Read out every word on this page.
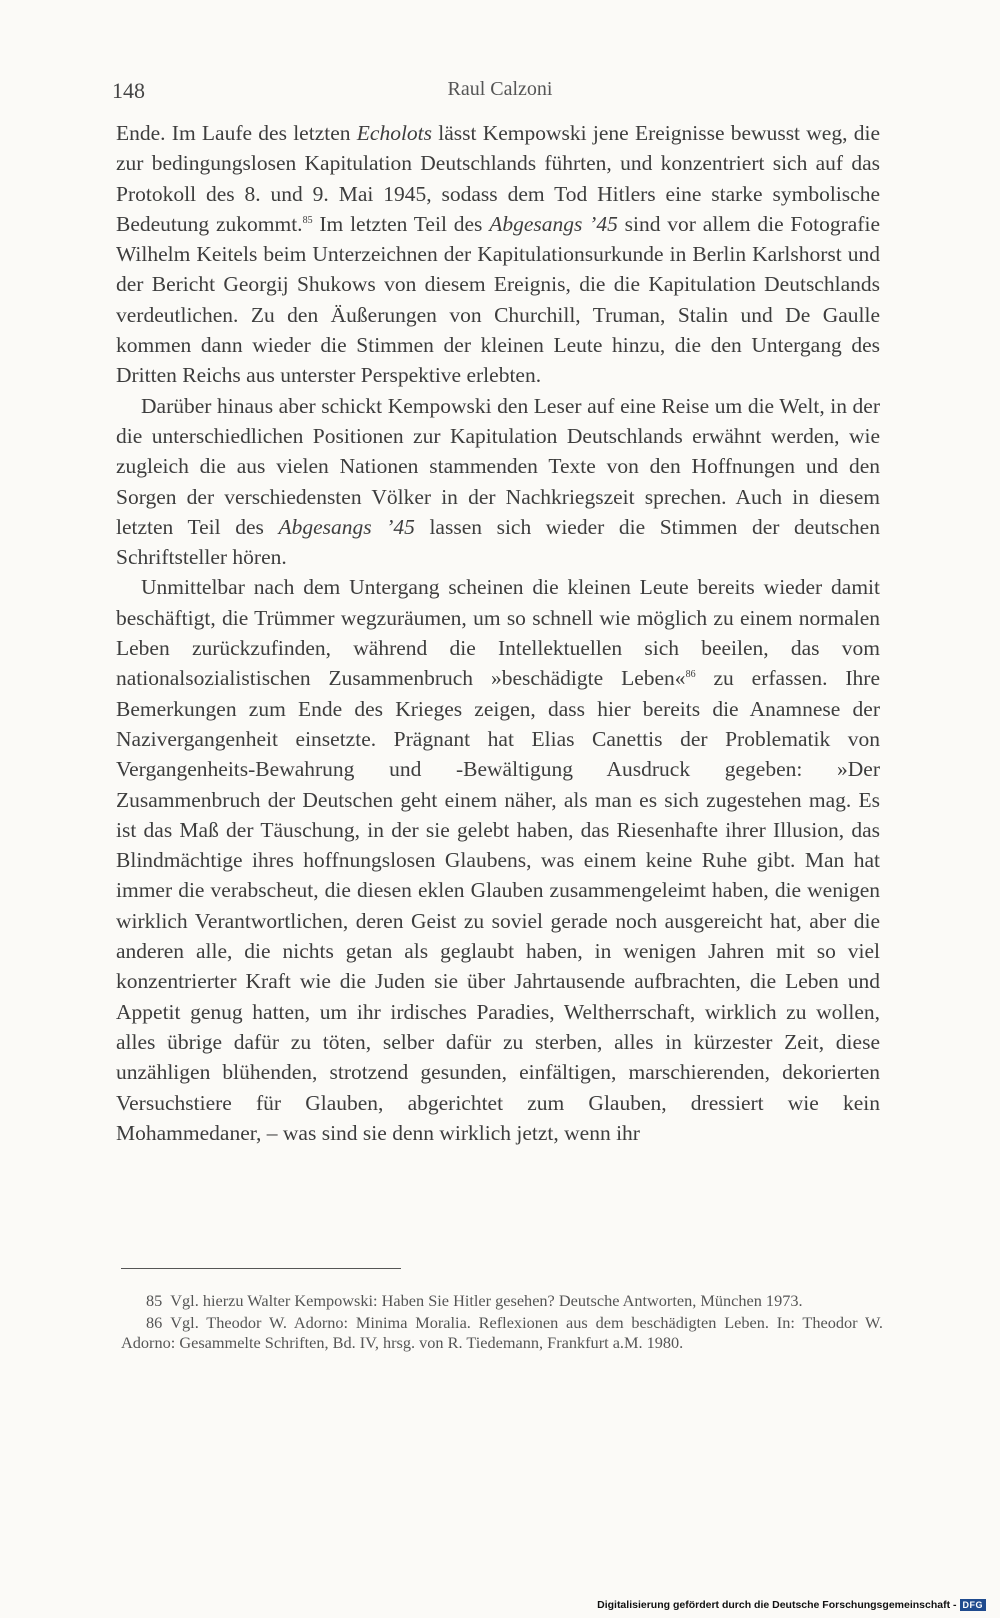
148	Raul Calzoni

Ende. Im Laufe des letzten Echolots lässt Kempowski jene Ereignisse bewusst weg, die zur bedingungslosen Kapitulation Deutschlands führten, und konzentriert sich auf das Protokoll des 8. und 9. Mai 1945, sodass dem Tod Hitlers eine starke symbolische Bedeutung zukommt.$^{85}$ Im letzten Teil des Abgesangs ’45 sind vor allem die Fotografie Wilhelm Keitels beim Unterzeichnen der Kapitulationsurkunde in Berlin Karlshorst und der Bericht Georgij Shukows von diesem Ereignis, die die Kapitulation Deutschlands verdeutlichen. Zu den Äußerungen von Churchill, Truman, Stalin und De Gaulle kommen dann wieder die Stimmen der kleinen Leute hinzu, die den Untergang des Dritten Reichs aus unterster Perspektive erlebten.

Darüber hinaus aber schickt Kempowski den Leser auf eine Reise um die Welt, in der die unterschiedlichen Positionen zur Kapitulation Deutschlands erwähnt werden, wie zugleich die aus vielen Nationen stammenden Texte von den Hoffnungen und den Sorgen der verschiedensten Völker in der Nachkriegszeit sprechen. Auch in diesem letzten Teil des Abgesangs ’45 lassen sich wieder die Stimmen der deutschen Schriftsteller hören.

Unmittelbar nach dem Untergang scheinen die kleinen Leute bereits wieder damit beschäftigt, die Trümmer wegzuräumen, um so schnell wie möglich zu einem normalen Leben zurückzufinden, während die Intellektuellen sich beeilen, das vom nationalsozialistischen Zusammenbruch »beschädigte Leben«$^{86}$ zu erfassen. Ihre Bemerkungen zum Ende des Krieges zeigen, dass hier bereits die Anamnese der Nazivergangenheit einsetzte. Prägnant hat Elias Canettis der Problematik von Vergangenheits-Bewahrung und -Bewältigung Ausdruck gegeben: »Der Zusammenbruch der Deutschen geht einem näher, als man es sich zugestehen mag. Es ist das Maß der Täuschung, in der sie gelebt haben, das Riesenhafte ihrer Illusion, das Blindmächtige ihres hoffnungslosen Glaubens, was einem keine Ruhe gibt. Man hat immer die verabscheut, die diesen eklen Glauben zusammengeleimt haben, die wenigen wirklich Verantwortlichen, deren Geist zu soviel gerade noch ausgereicht hat, aber die anderen alle, die nichts getan als geglaubt haben, in wenigen Jahren mit so viel konzentrierter Kraft wie die Juden sie über Jahrtausende aufbrachten, die Leben und Appetit genug hatten, um ihr irdisches Paradies, Weltherrschaft, wirklich zu wollen, alles übrige dafür zu töten, selber dafür zu sterben, alles in kürzester Zeit, diese unzähligen blühenden, strotzend gesunden, einfältigen, marschierenden, dekorierten Versuchstiere für Glauben, abgerichtet zum Glauben, dressiert wie kein Mohammedaner, – was sind sie denn wirklich jetzt, wenn ihr

85 Vgl. hierzu Walter Kempowski: Haben Sie Hitler gesehen? Deutsche Antworten, München 1973.

86 Vgl. Theodor W. Adorno: Minima Moralia. Reflexionen aus dem beschädigten Leben. In: Theodor W. Adorno: Gesammelte Schriften, Bd. IV, hrsg. von R. Tiedemann, Frankfurt a.M. 1980.

Digitalisierung gefördert durch die Deutsche Forschungsgemeinschaft - DFG
